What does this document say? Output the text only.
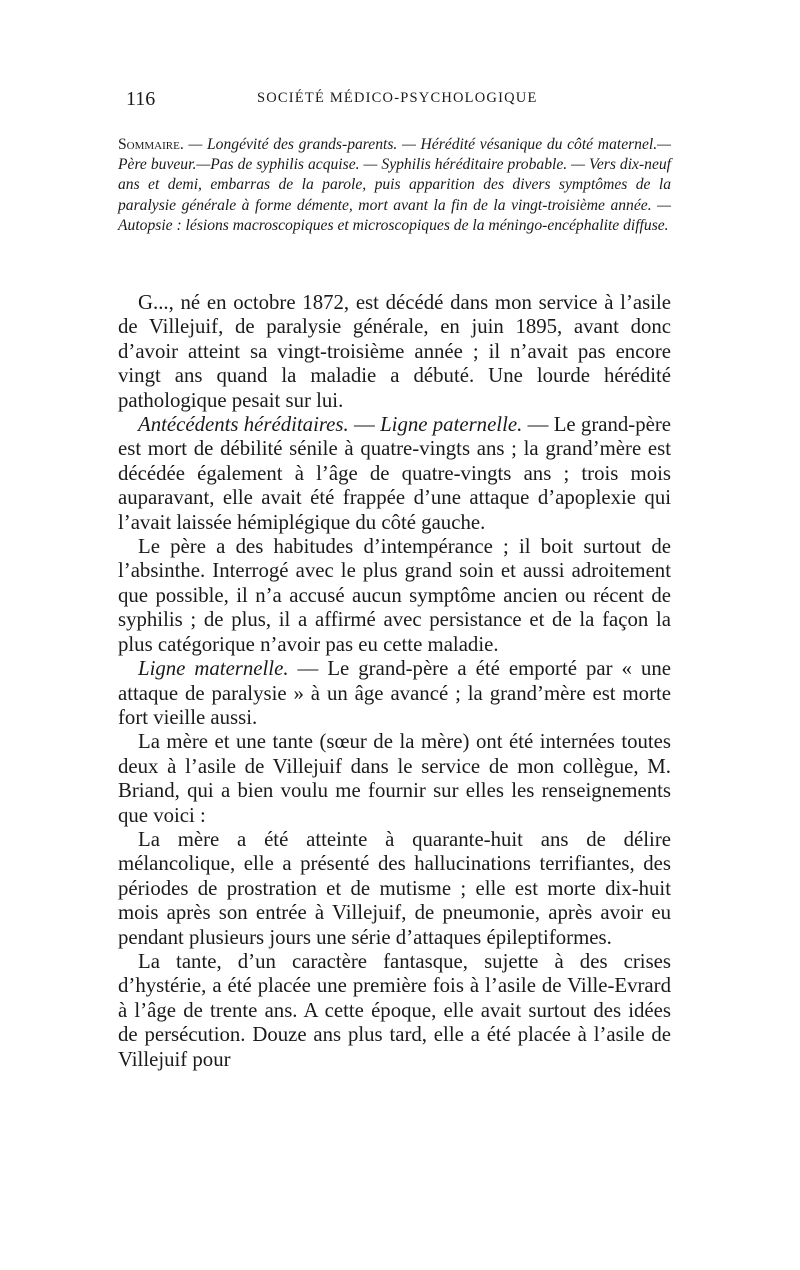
116	SOCIÉTÉ MÉDICO-PSYCHOLOGIQUE
Sommaire. — Longévité des grands-parents. — Hérédité vésanique du côté maternel.— Père buveur.—Pas de syphilis acquise. — Syphilis héréditaire probable. — Vers dix-neuf ans et demi, embarras de la parole, puis apparition des divers symptômes de la paralysie générale à forme démente, mort avant la fin de la vingt-troisième année. — Autopsie : lésions macroscopiques et microscopiques de la méningo-encéphalite diffuse.

G..., né en octobre 1872, est décédé dans mon service à l’asile de Villejuif, de paralysie générale, en juin 1895, avant donc d’avoir atteint sa vingt-troisième année ; il n’avait pas encore vingt ans quand la maladie a débuté. Une lourde hérédité pathologique pesait sur lui.

Antécédents héréditaires. — Ligne paternelle. — Le grand-père est mort de débilité sénile à quatre-vingts ans ; la grand’mère est décédée également à l’âge de quatre-vingts ans ; trois mois auparavant, elle avait été frappée d’une attaque d’apoplexie qui l’avait laissée hémiplégique du côté gauche.

Le père a des habitudes d’intempérance ; il boit surtout de l’absinthe. Interrogé avec le plus grand soin et aussi adroitement que possible, il n’a accusé aucun symptôme ancien ou récent de syphilis ; de plus, il a affirmé avec persistance et de la façon la plus catégorique n’avoir pas eu cette maladie.

Ligne maternelle. — Le grand-père a été emporté par « une attaque de paralysie » à un âge avancé ; la grand’mère est morte fort vieille aussi.

La mère et une tante (sœur de la mère) ont été internées toutes deux à l’asile de Villejuif dans le service de mon collègue, M. Briand, qui a bien voulu me fournir sur elles les renseignements que voici :

La mère a été atteinte à quarante-huit ans de délire mélancolique, elle a présenté des hallucinations terrifiantes, des périodes de prostration et de mutisme ; elle est morte dix-huit mois après son entrée à Villejuif, de pneumonie, après avoir eu pendant plusieurs jours une série d’attaques épileptiformes.

La tante, d’un caractère fantasque, sujette à des crises d’hystérie, a été placée une première fois à l’asile de Ville-Evrard à l’âge de trente ans. A cette époque, elle avait surtout des idées de persécution. Douze ans plus tard, elle a été placée à l’asile de Villejuif pour
